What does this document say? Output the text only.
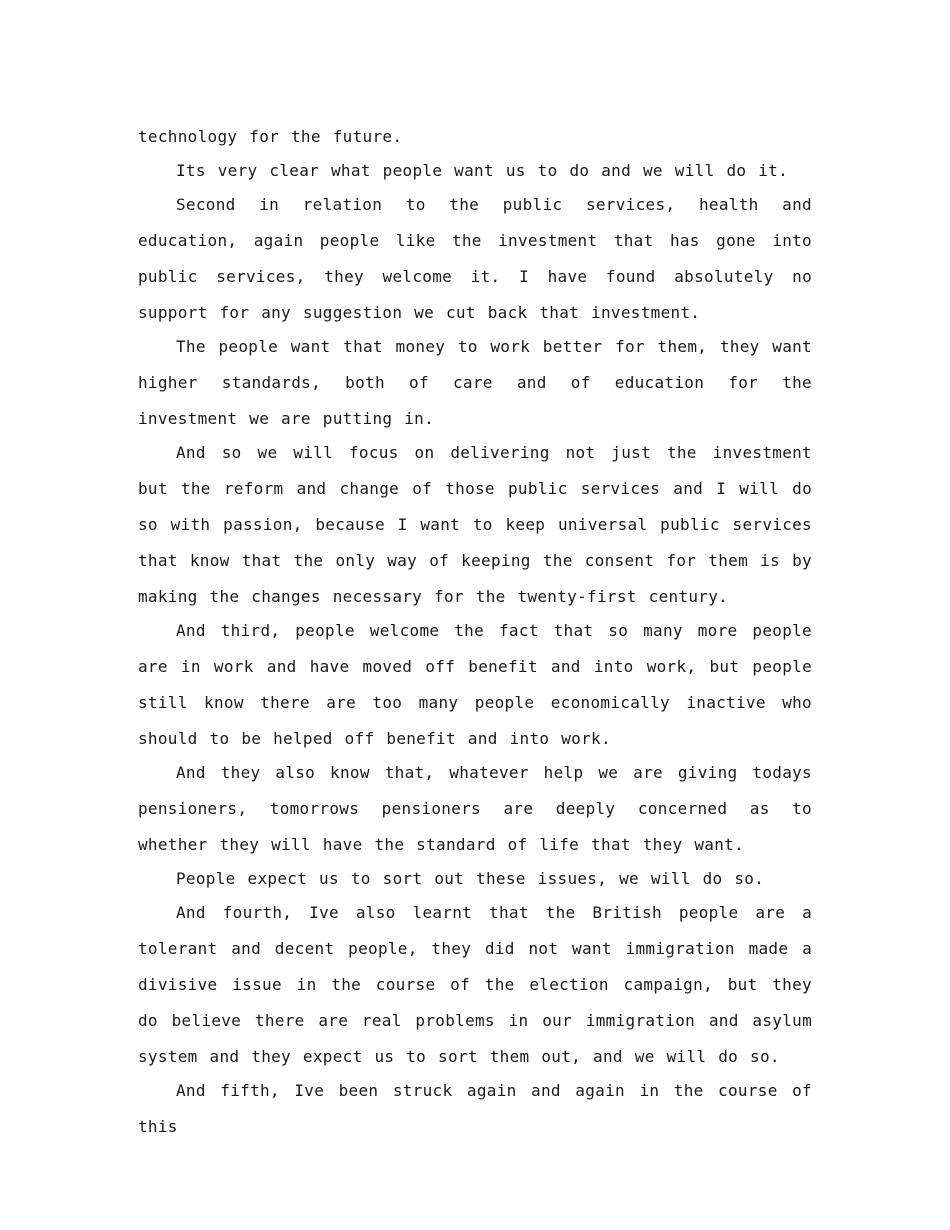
technology for the future.

Its very clear what people want us to do and we will do it.

Second in relation to the public services, health and education, again people like the investment that has gone into public services, they welcome it. I have found absolutely no support for any suggestion we cut back that investment.

The people want that money to work better for them, they want higher standards, both of care and of education for the investment we are putting in.

And so we will focus on delivering not just the investment but the reform and change of those public services and I will do so with passion, because I want to keep universal public services that know that the only way of keeping the consent for them is by making the changes necessary for the twenty-first century.

And third, people welcome the fact that so many more people are in work and have moved off benefit and into work, but people still know there are too many people economically inactive who should to be helped off benefit and into work.

And they also know that, whatever help we are giving todays pensioners, tomorrows pensioners are deeply concerned as to whether they will have the standard of life that they want.

People expect us to sort out these issues, we will do so.

And fourth, Ive also learnt that the British people are a tolerant and decent people, they did not want immigration made a divisive issue in the course of the election campaign, but they do believe there are real problems in our immigration and asylum system and they expect us to sort them out, and we will do so.

And fifth, Ive been struck again and again in the course of this
